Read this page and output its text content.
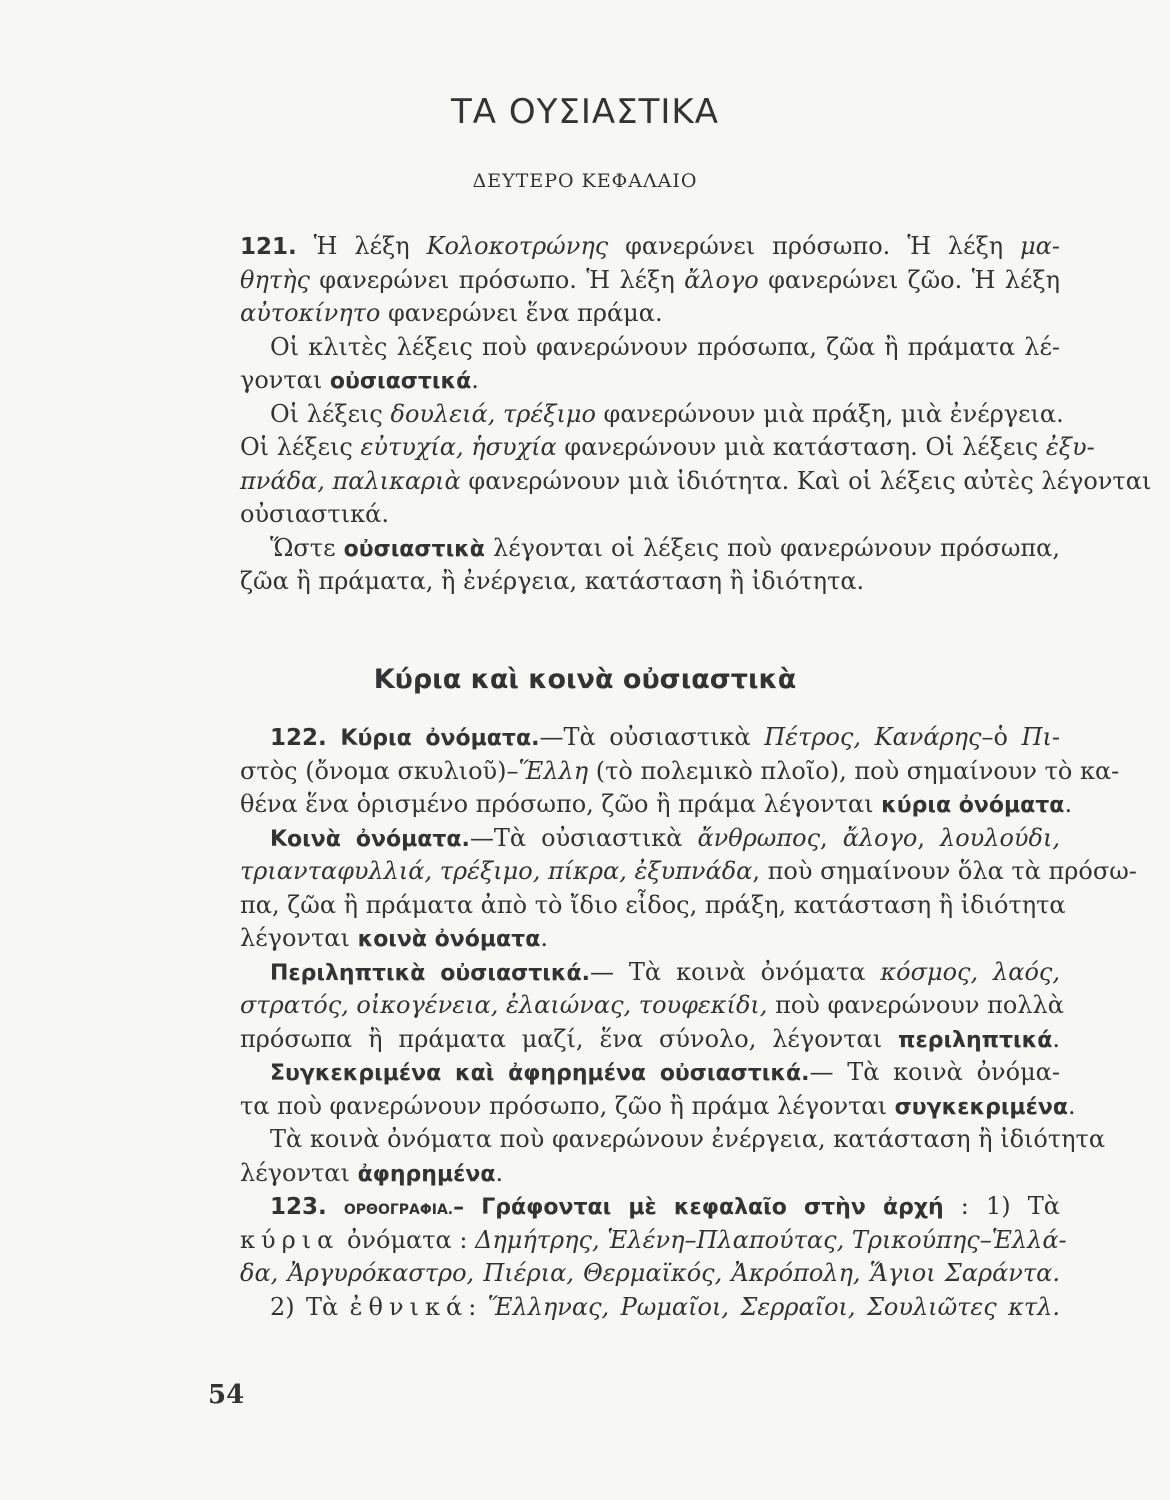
ΤΑ ΟΥΣΙΑΣΤΙΚΑ
ΔΕΥΤΕΡΟ ΚΕΦΑΛΑΙΟ
121. Ἡ λέξη Κολοκοτρώνης φανερώνει πρόσωπο. Ἡ λέξη μα-
θητὴς φανερώνει πρόσωπο. Ἡ λέξη ἄλογο φανερώνει ζῶο. Ἡ λέξη
αὐτοκίνητο φανερώνει ἕνα πράμα.
Οἱ κλιτὲς λέξεις ποὺ φανερώνουν πρόσωπα, ζῶα ἢ πράματα λέ-
γονται οὐσιαστικά.
Οἱ λέξεις δουλειά, τρέξιμο φανερώνουν μιὰ πράξη, μιὰ ἐνέργεια.
Οἱ λέξεις εὐτυχία, ἡσυχία φανερώνουν μιὰ κατάσταση. Οἱ λέξεις ἐξυ-
πνάδα, παλικαριὰ φανερώνουν μιὰ ἰδιότητα. Καὶ οἱ λέξεις αὐτὲς λέγονται
οὐσιαστικά.
Ὥστε οὐσιαστικὰ λέγονται οἱ λέξεις ποὺ φανερώνουν πρόσωπα,
ζῶα ἢ πράματα, ἢ ἐνέργεια, κατάσταση ἢ ἰδιότητα.
Κύρια καὶ κοινὰ οὐσιαστικὰ
122. Κύρια ὀνόματα.—Τὰ οὐσιαστικὰ Πέτρος, Κανάρης–ὁ Πι-
στὸς (ὄνομα σκυλιοῦ)–Ἕλλη (τὸ πολεμικὸ πλοῖο), ποὺ σημαίνουν τὸ κα-
θένα ἕνα ὁρισμένο πρόσωπο, ζῶο ἢ πράμα λέγονται κύρια ὀνόματα.
Κοινὰ ὀνόματα.—Τὰ οὐσιαστικὰ ἄνθρωπος, ἄλογο, λουλούδι,
τριανταφυλλιά, τρέξιμο, πίκρα, ἐξυπνάδα, ποὺ σημαίνουν ὅλα τὰ πρόσω-
πα, ζῶα ἢ πράματα ἀπὸ τὸ ἴδιο εἶδος, πράξη, κατάσταση ἢ ἰδιότητα
λέγονται κοινὰ ὀνόματα.
Περιληπτικὰ οὐσιαστικά.— Τὰ κοινὰ ὀνόματα κόσμος, λαός,
στρατός, οἰκογένεια, ἐλαιώνας, τουφεκίδι, ποὺ φανερώνουν πολλὰ
πρόσωπα ἢ πράματα μαζί, ἕνα σύνολο, λέγονται περιληπτικά.
Συγκεκριμένα καὶ ἀφηρημένα οὐσιαστικά.— Τὰ κοινὰ ὀνόμα-
τα ποὺ φανερώνουν πρόσωπο, ζῶο ἢ πράμα λέγονται συγκεκριμένα.
Τὰ κοινὰ ὀνόματα ποὺ φανερώνουν ἐνέργεια, κατάσταση ἢ ἰδιότητα
λέγονται ἀφηρημένα.
123. ΟΡΘΟΓΡΑΦΙΑ.– Γράφονται μὲ κεφαλαῖο στὴν ἀρχή : 1) Τὰ
κύρια ὀνόματα : Δημήτρης, Ἑλένη–Πλαπούτας, Τρικούπης–Ἑλλά-
δα, Ἀργυρόκαστρο, Πιέρια, Θερμαϊκός, Ἀκρόπολη, Ἅγιοι Σαράντα.
2) Τὰ ἐθνικά: Ἕλληνας, Ρωμαῖοι, Σερραῖοι, Σουλιῶτες κτλ.
54
